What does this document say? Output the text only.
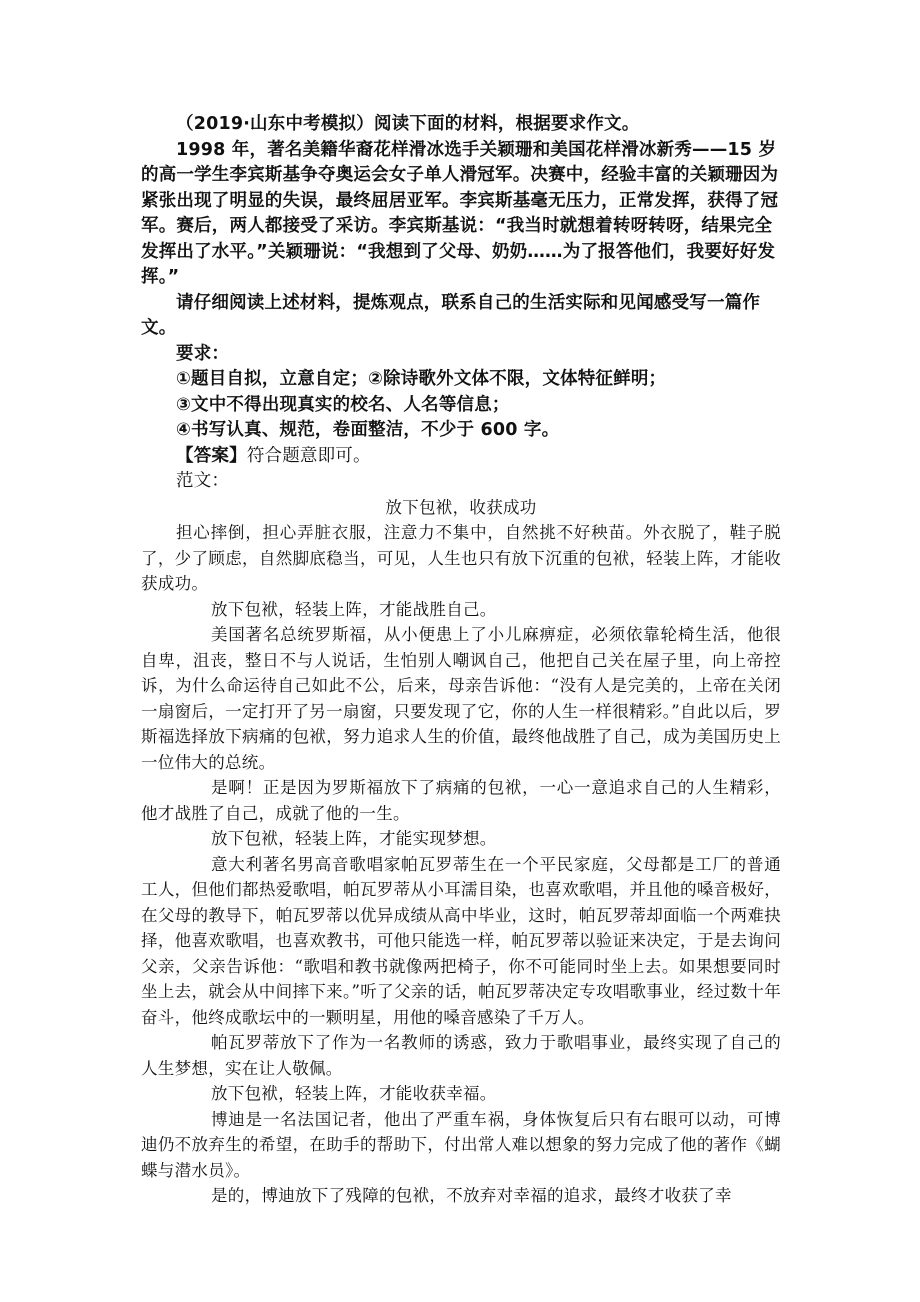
（2019·山东中考模拟）阅读下面的材料，根据要求作文。

1998 年，著名美籍华裔花样滑冰选手关颖珊和美国花样滑冰新秀——15 岁的高一学生李宾斯基争夺奥运会女子单人滑冠军。决赛中，经验丰富的关颖珊因为紧张出现了明显的失误，最终屈居亚军。李宾斯基毫无压力，正常发挥，获得了冠军。赛后，两人都接受了采访。李宾斯基说：“我当时就想着转呀转呀，结果完全发挥出了水平。”关颖珊说：“我想到了父母、奶奶……为了报答他们，我要好好发挥。”

请仔细阅读上述材料，提炼观点，联系自己的生活实际和见闻感受写一篇作文。

要求：

①题目自拟，立意自定；②除诗歌外文体不限，文体特征鲜明；

③文中不得出现真实的校名、人名等信息；

④书写认真、规范，卷面整洁，不少于 600 字。

【答案】符合题意即可。

范文：

放下包袱，收获成功

担心摔倒，担心弄脏衣服，注意力不集中，自然挑不好秧苗。外衣脱了，鞋子脱了，少了顾虑，自然脚底稳当，可见，人生也只有放下沉重的包袱，轻装上阵，才能收获成功。

放下包袱，轻装上阵，才能战胜自己。

美国著名总统罗斯福，从小便患上了小儿麻痹症，必须依靠轮椅生活，他很自卑，沮丧，整日不与人说话，生怕别人嘲讽自己，他把自己关在屋子里，向上帝控诉，为什么命运待自己如此不公，后来，母亲告诉他：“没有人是完美的，上帝在关闭一扇窗后，一定打开了另一扇窗，只要发现了它，你的人生一样很精彩。”自此以后，罗斯福选择放下病痛的包袱，努力追求人生的价值，最终他战胜了自己，成为美国历史上一位伟大的总统。

是啊！正是因为罗斯福放下了病痛的包袱，一心一意追求自己的人生精彩，他才战胜了自己，成就了他的一生。

放下包袱，轻装上阵，才能实现梦想。

意大利著名男高音歌唱家帕瓦罗蒂生在一个平民家庭，父母都是工厂的普通工人，但他们都热爱歌唱，帕瓦罗蒂从小耳濡目染，也喜欢歌唱，并且他的嗓音极好，在父母的教导下，帕瓦罗蒂以优异成绩从高中毕业，这时，帕瓦罗蒂却面临一个两难抉择，他喜欢歌唱，也喜欢教书，可他只能选一样，帕瓦罗蒂以验证来决定，于是去询问父亲，父亲告诉他：“歌唱和教书就像两把椅子，你不可能同时坐上去。如果想要同时坐上去，就会从中间摔下来。”听了父亲的话，帕瓦罗蒂决定专攻唱歌事业，经过数十年奋斗，他终成歌坛中的一颗明星，用他的嗓音感染了千万人。

帕瓦罗蒂放下了作为一名教师的诱惑，致力于歌唱事业，最终实现了自己的人生梦想，实在让人敬佩。

放下包袱，轻装上阵，才能收获幸福。

博迪是一名法国记者，他出了严重车祸，身体恢复后只有右眼可以动，可博迪仍不放弃生的希望，在助手的帮助下，付出常人难以想象的努力完成了他的著作《蝴蝶与潜水员》。

是的，博迪放下了残障的包袱，不放弃对幸福的追求，最终才收获了幸
